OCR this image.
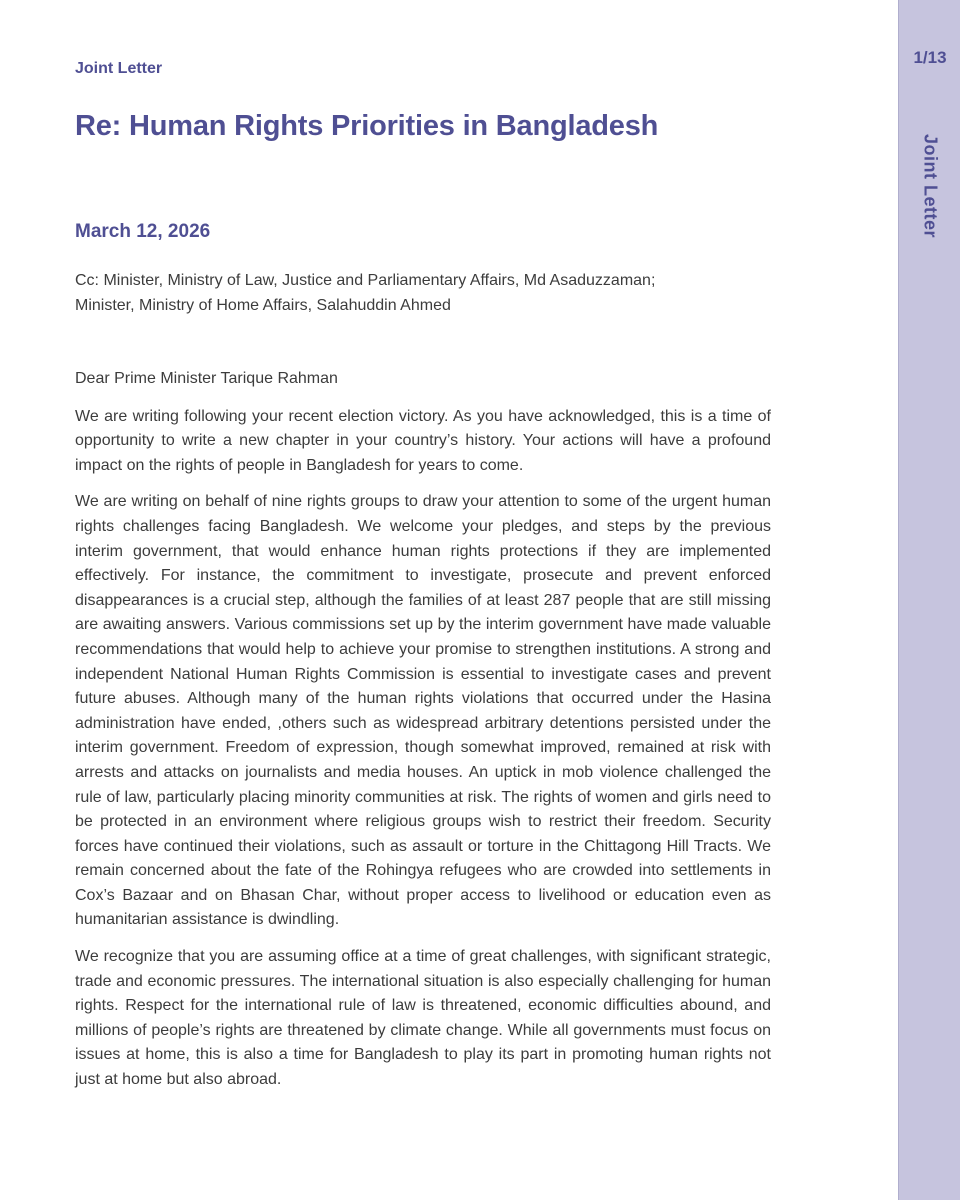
Joint Letter
Re: Human Rights Priorities in Bangladesh
March 12, 2026
Cc: Minister, Ministry of Law, Justice and Parliamentary Affairs, Md Asaduzzaman;
Minister, Ministry of Home Affairs, Salahuddin Ahmed

Dear Prime Minister Tarique Rahman

We are writing following your recent election victory. As you have acknowledged, this is a time of opportunity to write a new chapter in your country’s history. Your actions will have a profound impact on the rights of people in Bangladesh for years to come.

We are writing on behalf of nine rights groups to draw your attention to some of the urgent human rights challenges facing Bangladesh. We welcome your pledges, and steps by the previous interim government, that would enhance human rights protections if they are implemented effectively. For instance, the commitment to investigate, prosecute and prevent enforced disappearances is a crucial step, although the families of at least 287 people that are still missing are awaiting answers. Various commissions set up by the interim government have made valuable recommendations that would help to achieve your promise to strengthen institutions. A strong and independent National Human Rights Commission is essential to investigate cases and prevent future abuses. Although many of the human rights violations that occurred under the Hasina administration have ended, ,others such as widespread arbitrary detentions persisted under the interim government. Freedom of expression, though somewhat improved, remained at risk with arrests and attacks on journalists and media houses. An uptick in mob violence challenged the rule of law, particularly placing minority communities at risk. The rights of women and girls need to be protected in an environment where religious groups wish to restrict their freedom. Security forces have continued their violations, such as assault or torture in the Chittagong Hill Tracts. We remain concerned about the fate of the Rohingya refugees who are crowded into settlements in Cox’s Bazaar and on Bhasan Char, without proper access to livelihood or education even as humanitarian assistance is dwindling.

We recognize that you are assuming office at a time of great challenges, with significant strategic, trade and economic pressures. The international situation is also especially challenging for human rights. Respect for the international rule of law is threatened, economic difficulties abound, and millions of people’s rights are threatened by climate change. While all governments must focus on issues at home, this is also a time for Bangladesh to play its part in promoting human rights not just at home but also abroad.

1/13
Joint Letter
